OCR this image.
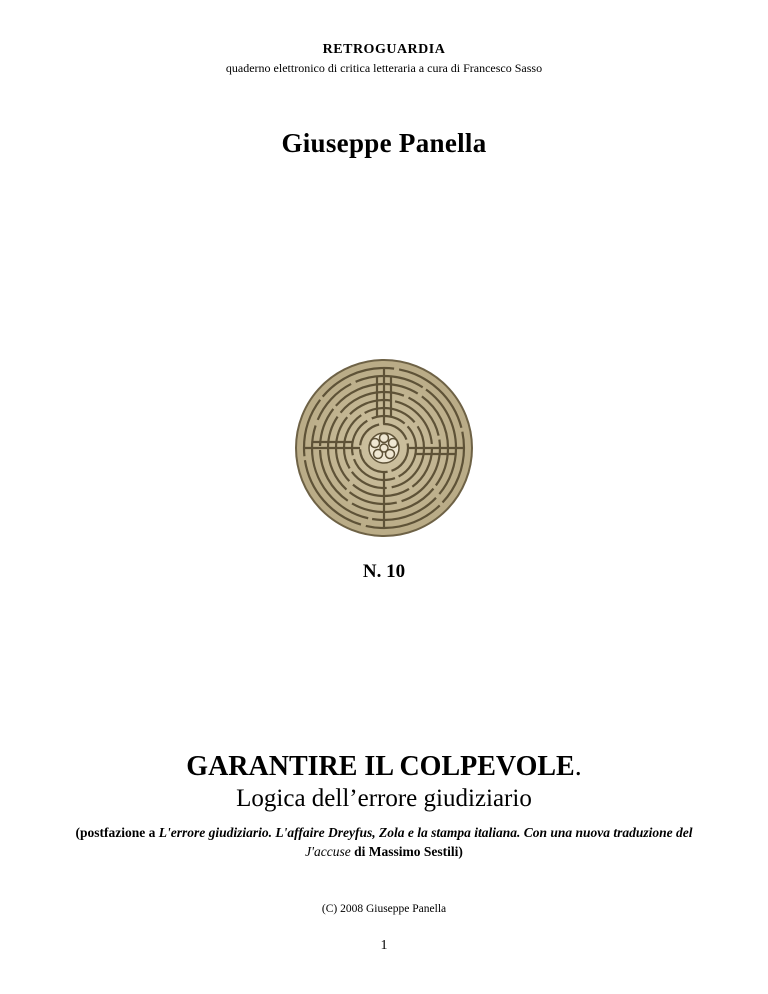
RETROGUARDIA
quaderno elettronico di critica letteraria a cura di Francesco Sasso
Giuseppe Panella
N. 10
GARANTIRE IL COLPEVOLE.
Logica dell’errore giudiziario
(postfazione a L'errore giudiziario. L'affaire Dreyfus, Zola e la stampa italiana. Con una nuova traduzione del J'accuse di Massimo Sestili)
(C) 2008 Giuseppe Panella
1
